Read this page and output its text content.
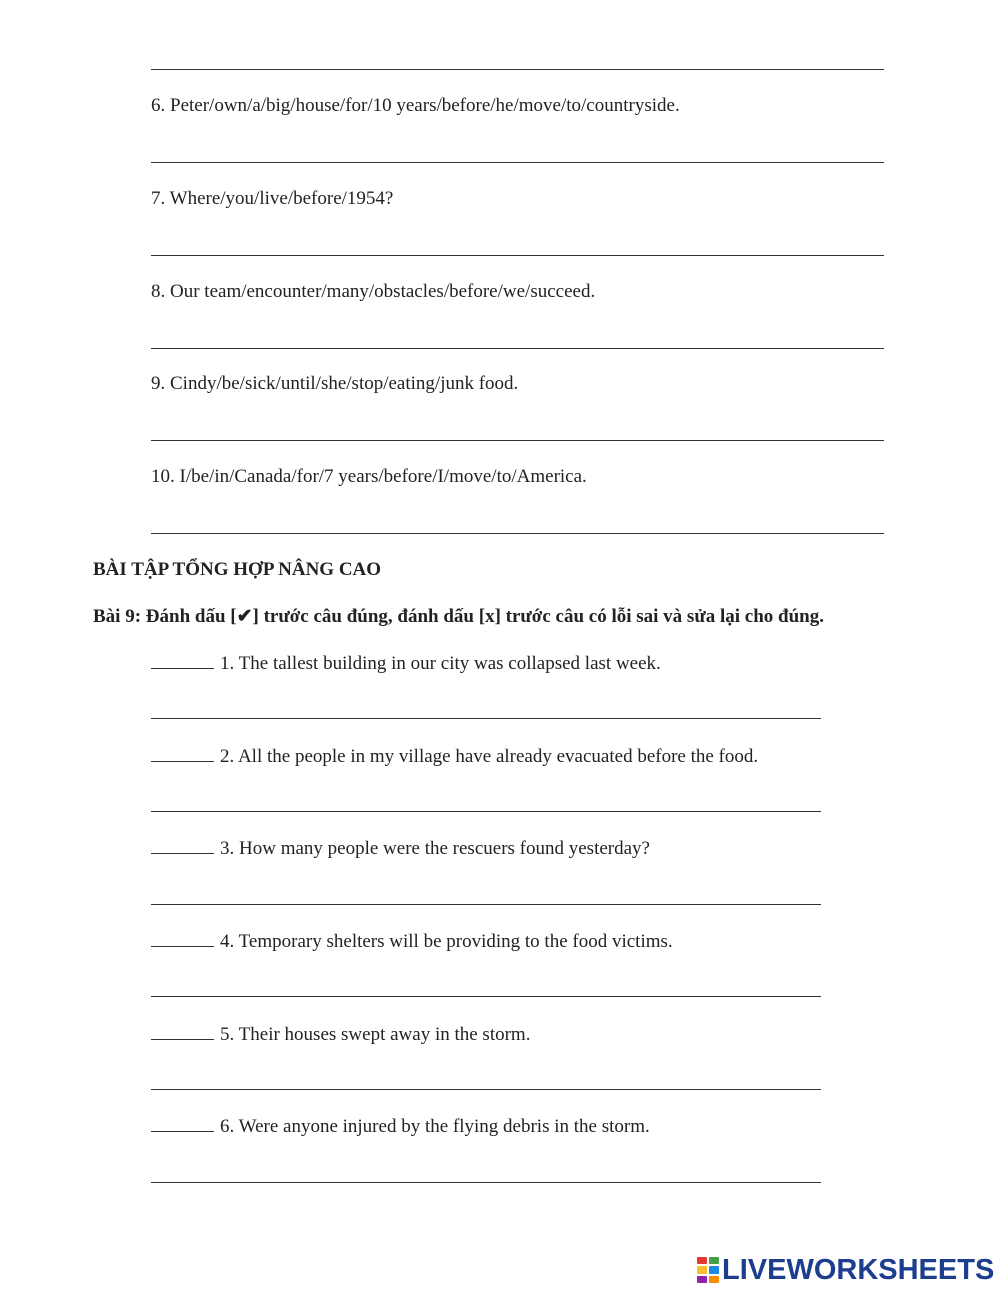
6. Peter/own/a/big/house/for/10 years/before/he/move/to/countryside.
7. Where/you/live/before/1954?
8. Our team/encounter/many/obstacles/before/we/succeed.
9. Cindy/be/sick/until/she/stop/eating/junk food.
10. I/be/in/Canada/for/7 years/before/I/move/to/America.
BÀI TẬP TỔNG HỢP NÂNG CAO
Bài 9: Đánh dấu [✔] trước câu đúng, đánh dấu [x] trước câu có lỗi sai và sửa lại cho đúng.
1. The tallest building in our city was collapsed last week.
2. All the people in my village have already evacuated before the food.
3. How many people were the rescuers found yesterday?
4. Temporary shelters will be providing to the food victims.
5. Their houses swept away in the storm.
6. Were anyone injured by the flying debris in the storm.
LIVEWORKSHEETS
